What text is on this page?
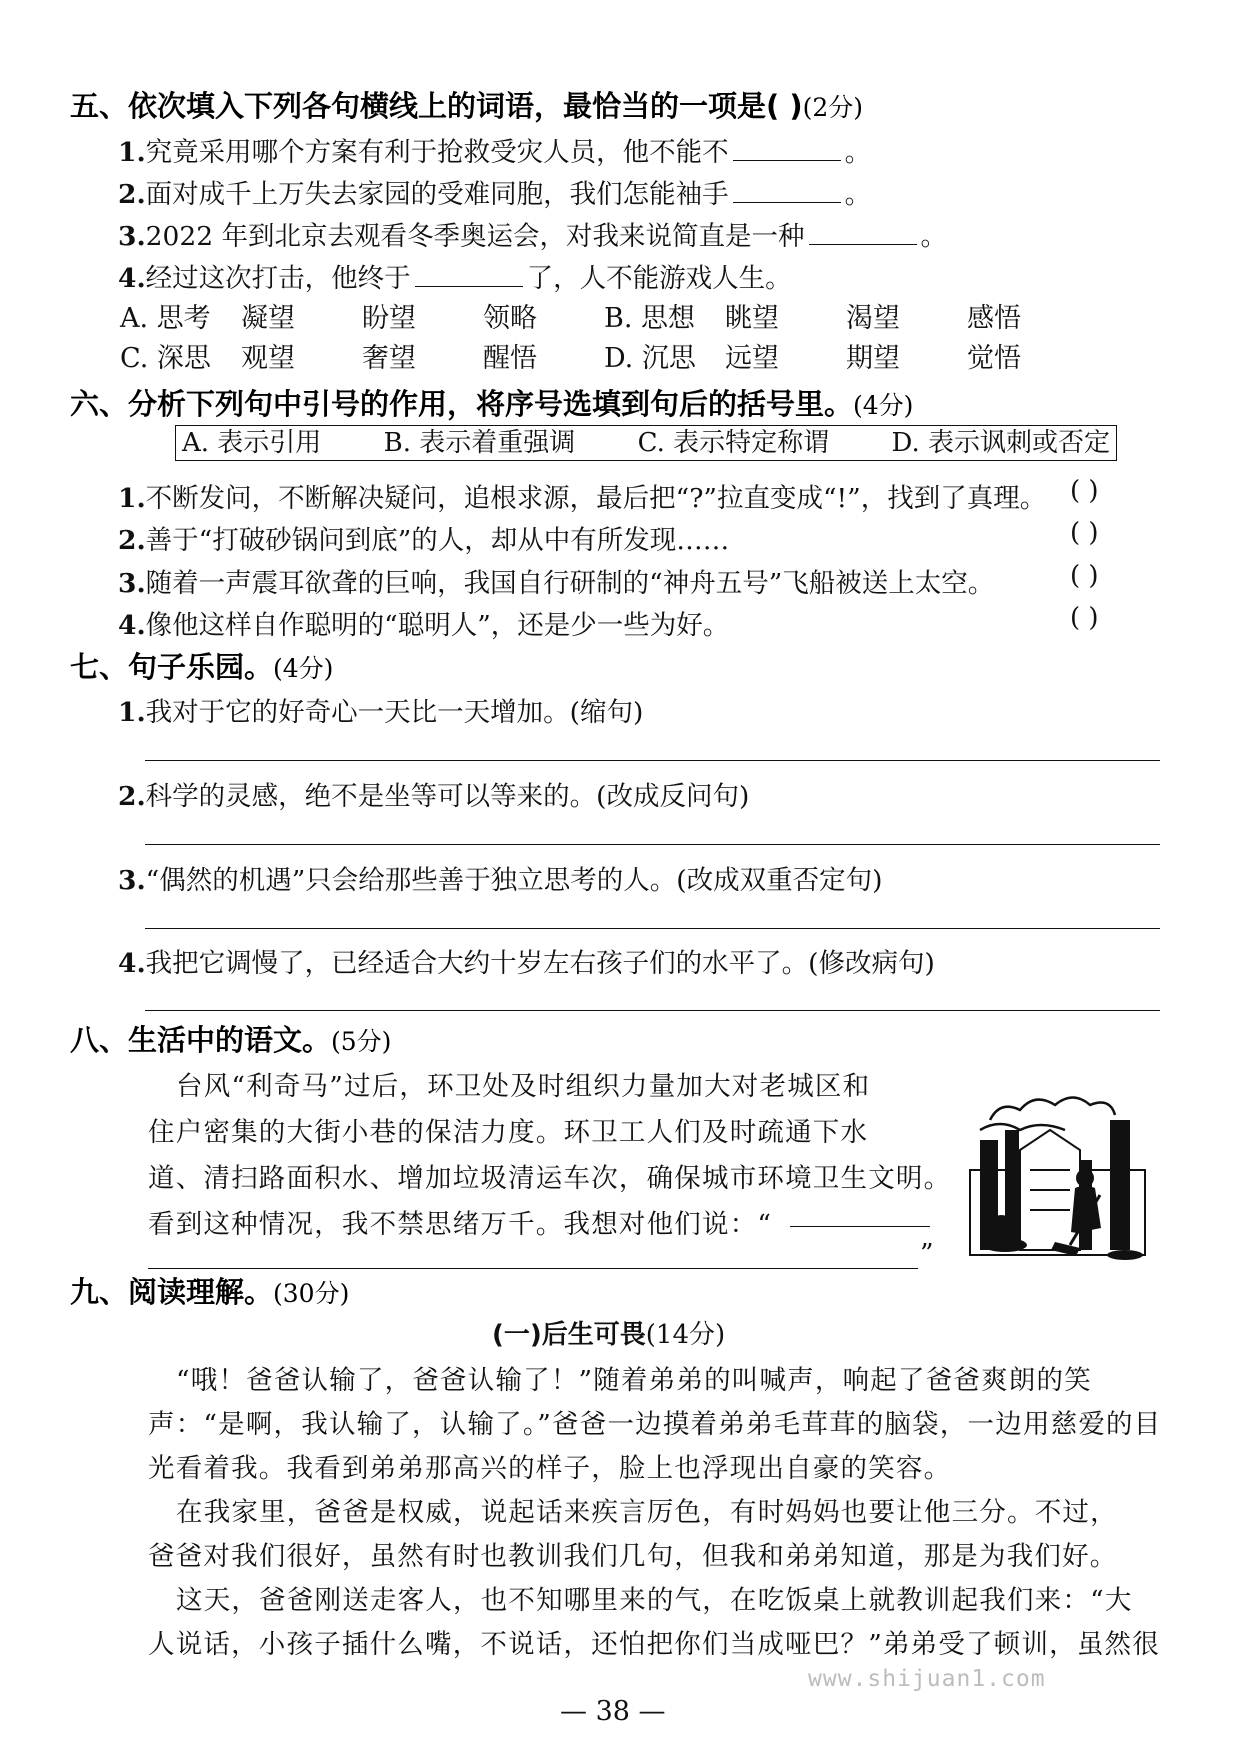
五、依次填入下列各句横线上的词语，最恰当的一项是( )(2分)
1.究竟采用哪个方案有利于抢救受灾人员，他不能不	。
2.面对成千上万失去家园的受难同胞，我们怎能袖手	。
3.2022 年到北京去观看冬季奥运会，对我来说简直是一种	。
4.经过这次打击，他终于	了，人不能游戏人生。
A. 思考	凝望	盼望	领略	B. 思想	眺望	渴望	感悟
C. 深思	观望	奢望	醒悟	D. 沉思	远望	期望	觉悟
六、分析下列句中引号的作用，将序号选填到句后的括号里。(4分)
A. 表示引用 B. 表示着重强调 C. 表示特定称谓 D. 表示讽刺或否定
1.不断发问，不断解决疑问，追根求源，最后把“?”拉直变成“!”，找到了真理。 ( )
2.善于“打破砂锅问到底”的人，却从中有所发现……	( )
3.随着一声震耳欲聋的巨响，我国自行研制的“神舟五号”飞船被送上太空。	( )
4.像他这样自作聪明的“聪明人”，还是少一些为好。	( )
七、句子乐园。(4分)
1.我对于它的好奇心一天比一天增加。(缩句)
2.科学的灵感，绝不是坐等可以等来的。(改成反问句)
3.“偶然的机遇”只会给那些善于独立思考的人。(改成双重否定句)
4.我把它调慢了，已经适合大约十岁左右孩子们的水平了。(修改病句)
八、生活中的语文。(5分)
台风“利奇马”过后，环卫处及时组织力量加大对老城区和
住户密集的大街小巷的保洁力度。环卫工人们及时疏通下水
道、清扫路面积水、增加垃圾清运车次，确保城市环境卫生文明。
看到这种情况，我不禁思绪万千。我想对他们说：“
”
九、阅读理解。(30分)
(一)后生可畏(14分)
“哦！爸爸认输了，爸爸认输了！”随着弟弟的叫喊声，响起了爸爸爽朗的笑
声：“是啊，我认输了，认输了。”爸爸一边摸着弟弟毛茸茸的脑袋，一边用慈爱的目
光看着我。我看到弟弟那高兴的样子，脸上也浮现出自豪的笑容。
在我家里，爸爸是权威，说起话来疾言厉色，有时妈妈也要让他三分。不过，
爸爸对我们很好，虽然有时也教训我们几句，但我和弟弟知道，那是为我们好。
这天，爸爸刚送走客人，也不知哪里来的气，在吃饭桌上就教训起我们来：“大
人说话，小孩子插什么嘴，不说话，还怕把你们当成哑巴？”弟弟受了顿训，虽然很
www.shijuan1.com
— 38 —
